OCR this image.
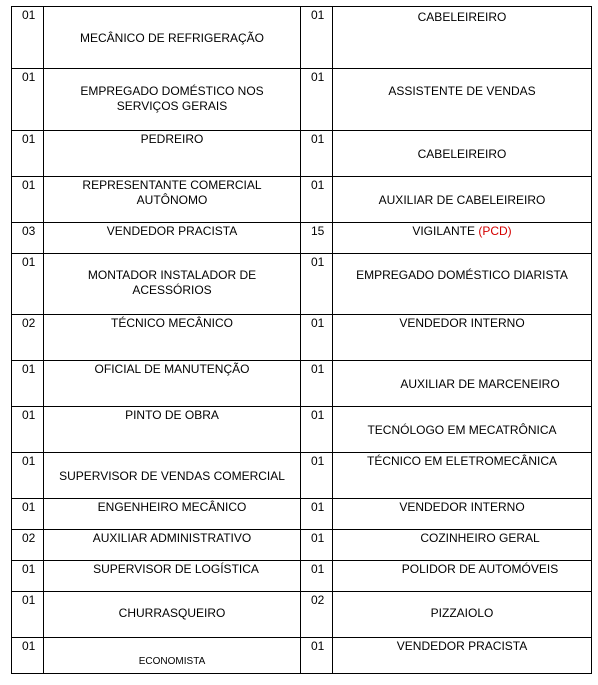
01	MECÂNICO DE REFRIGERAÇÃO	01	CABELEIREIRO

01	EMPREGADO DOMÉSTICO NOS SERVIÇOS GERAIS	01	ASSISTENTE DE VENDAS

01	PEDREIRO	01	CABELEIREIRO

01	REPRESENTANTE COMERCIAL AUTÔNOMO	01	AUXILIAR DE CABELEIREIRO

03	VENDEDOR PRACISTA	15	VIGILANTE (PCD)

01	MONTADOR INSTALADOR DE ACESSÓRIOS	01	EMPREGADO DOMÉSTICO DIARISTA

02	TÉCNICO MECÂNICO	01	VENDEDOR INTERNO

01	OFICIAL DE MANUTENÇÃO	01	AUXILIAR DE MARCENEIRO

01	PINTO DE OBRA	01	TECNÓLOGO EM MECATRÔNICA

01	SUPERVISOR DE VENDAS COMERCIAL	01	TÉCNICO EM ELETROMECÂNICA

01	ENGENHEIRO MECÂNICO	01	VENDEDOR INTERNO

02	AUXILIAR ADMINISTRATIVO	01	COZINHEIRO GERAL

01	SUPERVISOR DE LOGÍSTICA	01	POLIDOR DE AUTOMÓVEIS

01	CHURRASQUEIRO	02	PIZZAIOLO

01	ECONOMISTA	01	VENDEDOR PRACISTA
